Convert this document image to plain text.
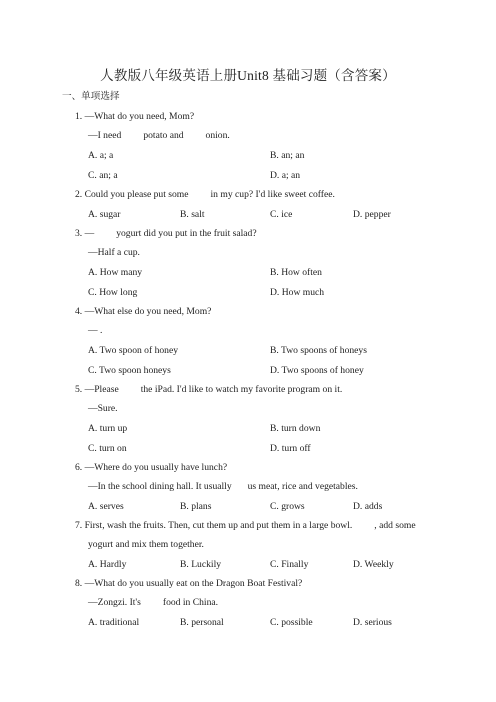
人教版八年级英语上册Unit8 基础习题（含答案）
一、单项选择
1. —What do you need, Mom?
—I need potato and onion.
A. a; a	B. an; an
C. an; a	D. a; an
2. Could you please put some in my cup? I'd like sweet coffee.
A. sugar	B. salt	C. ice	D. pepper
3. — yogurt did you put in the fruit salad?
—Half a cup.
A. How many	B. How often
C. How long	D. How much
4. —What else do you need, Mom?
— .
A. Two spoon of honey	B. Two spoons of honeys
C. Two spoon honeys	D. Two spoons of honey
5. —Please the iPad. I'd like to watch my favorite program on it.
—Sure.
A. turn up	B. turn down
C. turn on	D. turn off
6. —Where do you usually have lunch?
—In the school dining hall. It usually us meat, rice and vegetables.
A. serves	B. plans	C. grows	D. adds
7. First, wash the fruits. Then, cut them up and put them in a large bowl. , add some
yogurt and mix them together.
A. Hardly	B. Luckily	C. Finally	D. Weekly
8. —What do you usually eat on the Dragon Boat Festival?
—Zongzi. It's food in China.
A. traditional	B. personal	C. possible	D. serious
